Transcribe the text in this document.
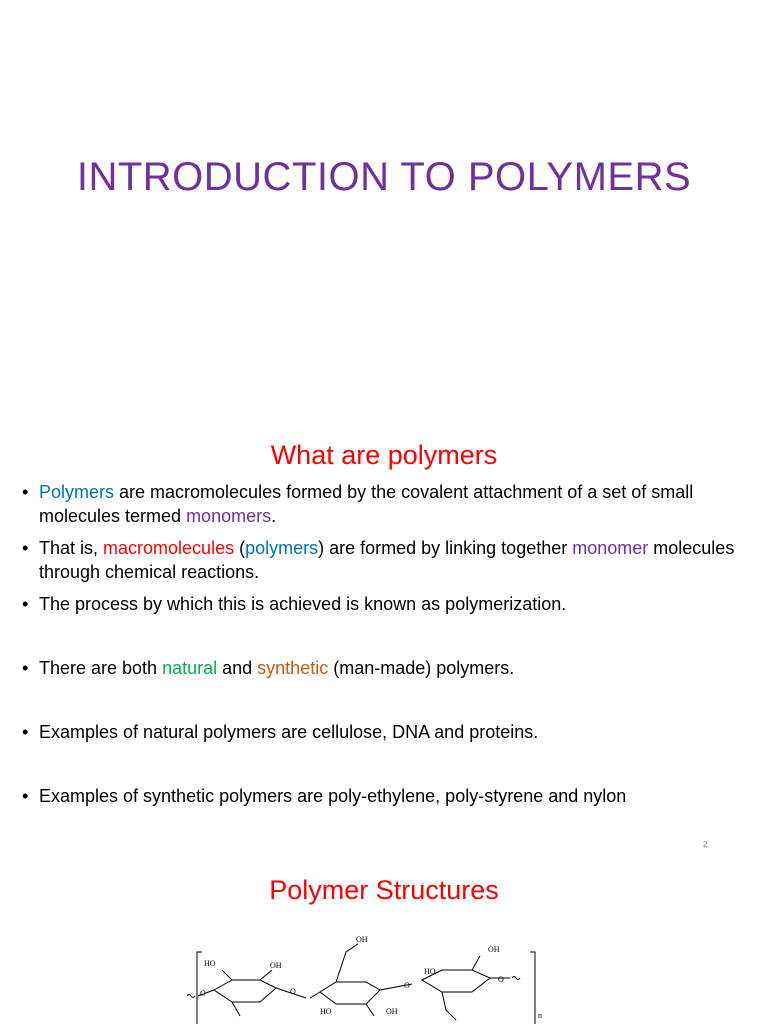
INTRODUCTION TO POLYMERS
What are polymers
• Polymers are macromolecules formed by the covalent attachment of a set of small molecules termed monomers.
• That is, macromolecules (polymers) are formed by linking together monomer molecules through chemical reactions.
• The process by which this is achieved is known as polymerization.
• There are both natural and synthetic (man-made) polymers.
• Examples of natural polymers are cellulose, DNA and proteins.
• Examples of synthetic polymers are poly-ethylene, poly-styrene and nylon
2
Polymer Structures
HO	OH
O	O
OH
HO	OH
O
HO
OH
O
n
